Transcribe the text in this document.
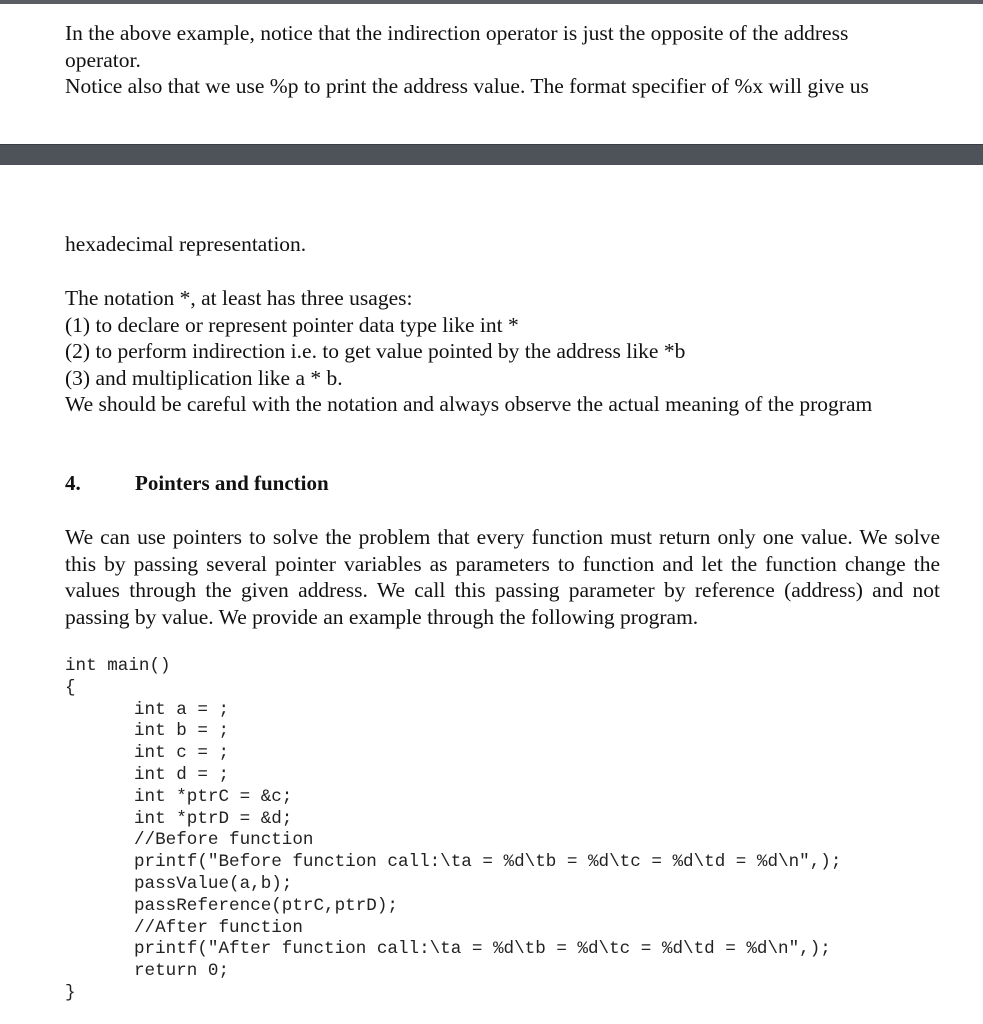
In the above example, notice that the indirection operator is just the opposite of the address
operator.
Notice also that we use %p to print the address value. The format specifier of %x will give us
hexadecimal representation.
The notation *, at least has three usages:
(1) to declare or represent pointer data type like int *
(2) to perform indirection i.e. to get value pointed by the address like *b
(3) and multiplication like a * b.
We should be careful with the notation and always observe the actual meaning of the program
4.	Pointers and function
We can use pointers to solve the problem that every function must return only one value. We solve this by passing several pointer variables as parameters to function and let the function change the values through the given address. We call this passing parameter by reference (address) and not passing by value. We provide an example through the following program.
int main()
{
int a = ;
int b = ;
int c = ;
int d = ;
int *ptrC = &c;
int *ptrD = &d;
//Before function
printf("Before function call:\ta = %d\tb = %d\tc = %d\td = %d\n",);
passValue(a,b);
passReference(ptrC,ptrD);
//After function
printf("After function call:\ta = %d\tb = %d\tc = %d\td = %d\n",);
return 0;
}
